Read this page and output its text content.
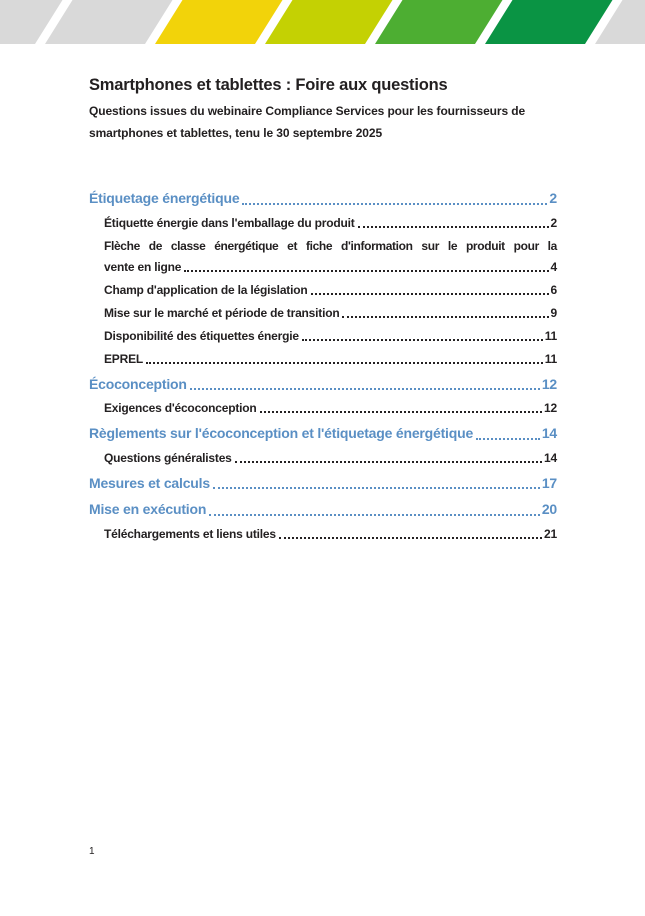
Smartphones et tablettes : Foire aux questions

Questions issues du webinaire Compliance Services pour les fournisseurs de smartphones et tablettes, tenu le 30 septembre 2025

Étiquetage énergétique	2
Étiquette énergie dans l'emballage du produit	2
Flèche de classe énergétique et fiche d'information sur le produit pour la
vente en ligne	4
Champ d'application de la législation	6
Mise sur le marché et période de transition	9
Disponibilité des étiquettes énergie	11
EPREL	11
Écoconception	12
Exigences d'écoconception	12
Règlements sur l'écoconception et l'étiquetage énergétique	14
Questions généralistes	14
Mesures et calculs	17
Mise en exécution	20
Téléchargements et liens utiles	21
1
